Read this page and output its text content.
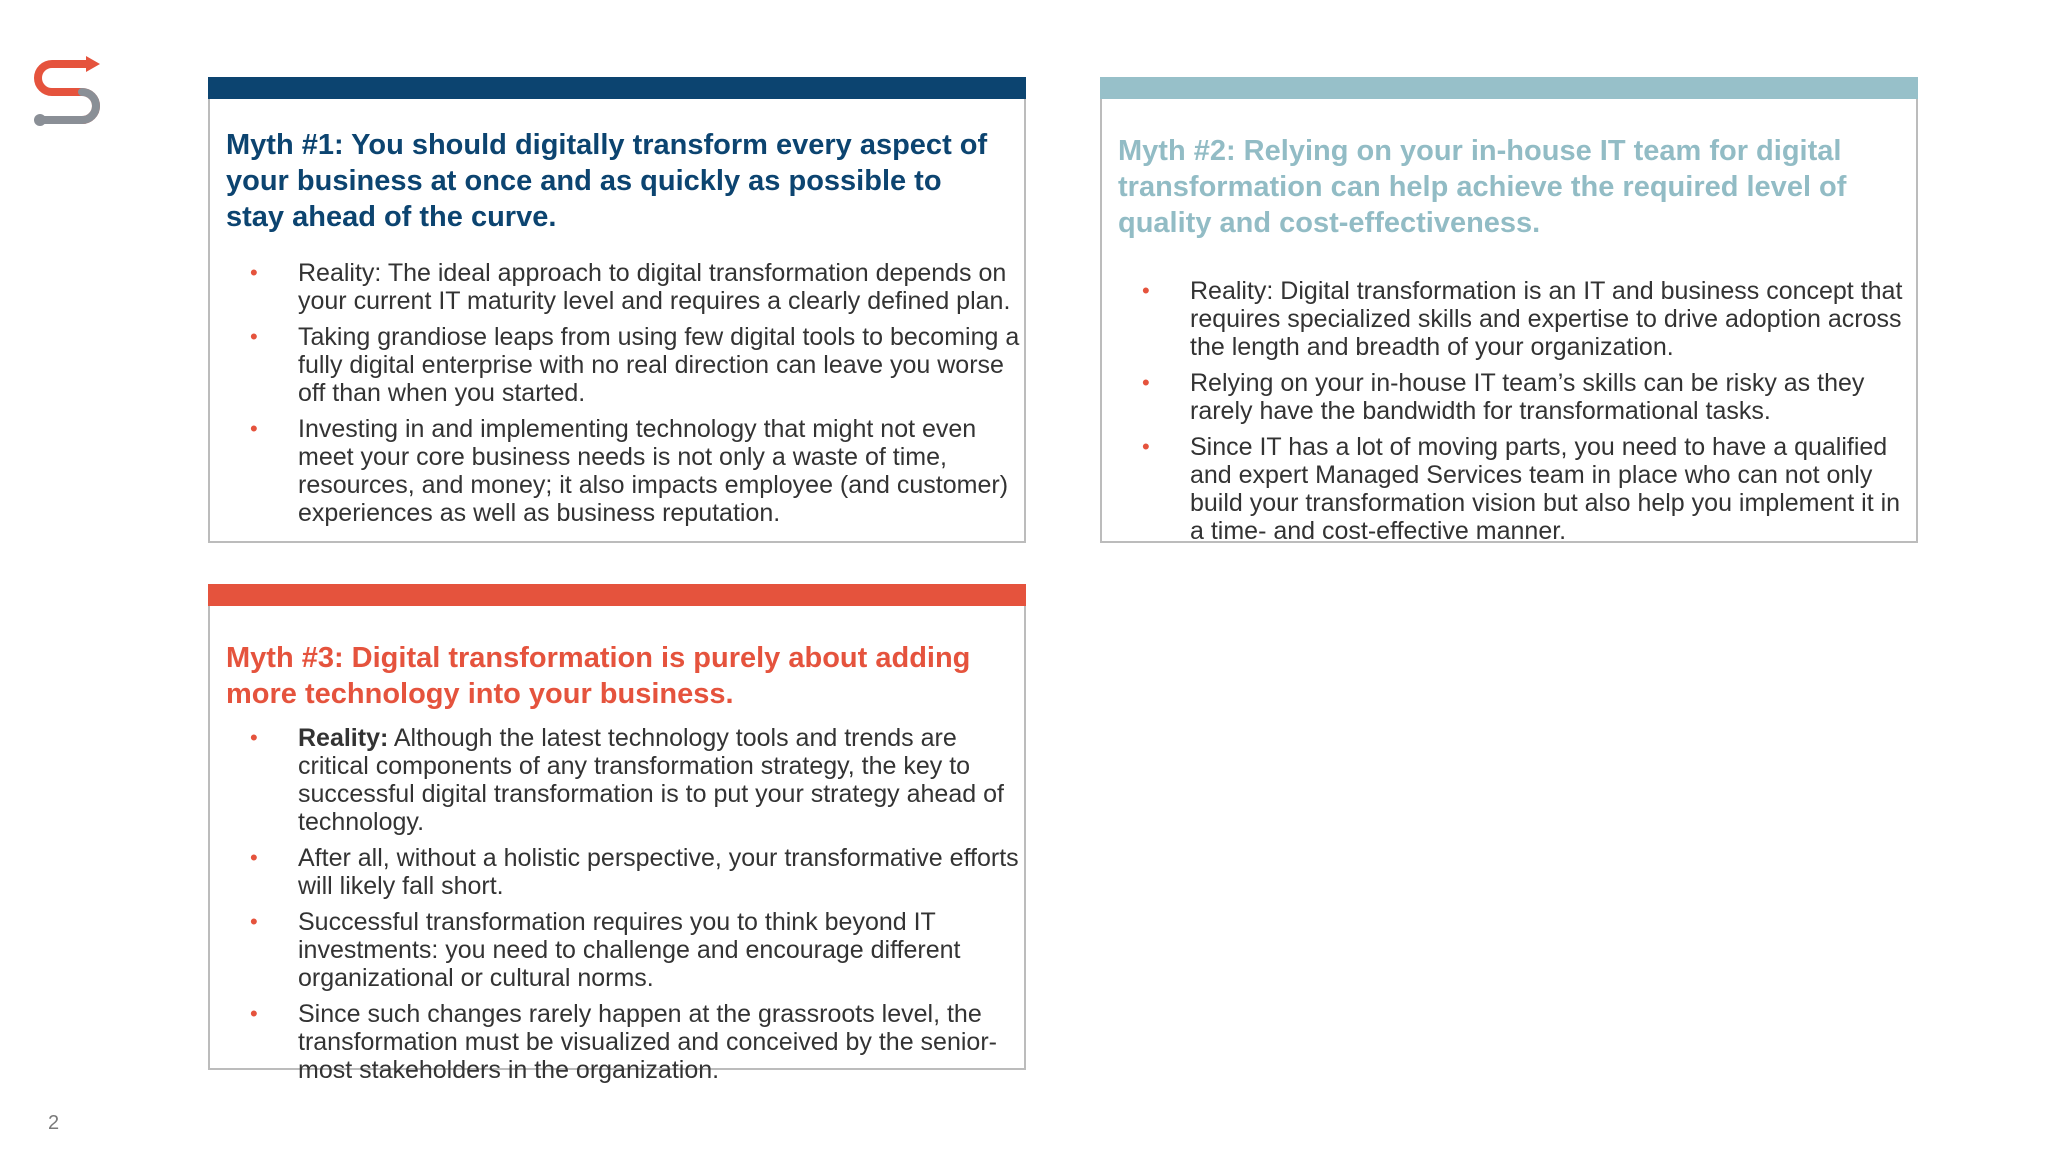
Myth #1: You should digitally transform every aspect of your business at once and as quickly as possible to stay ahead of the curve.
• Reality: The ideal approach to digital transformation depends on your current IT maturity level and requires a clearly defined plan.
• Taking grandiose leaps from using few digital tools to becoming a fully digital enterprise with no real direction can leave you worse off than when you started.
• Investing in and implementing technology that might not even meet your core business needs is not only a waste of time, resources, and money; it also impacts employee (and customer) experiences as well as business reputation.
Myth #2: Relying on your in-house IT team for digital transformation can help achieve the required level of quality and cost-effectiveness.
• Reality: Digital transformation is an IT and business concept that requires specialized skills and expertise to drive adoption across the length and breadth of your organization.
• Relying on your in-house IT team’s skills can be risky as they rarely have the bandwidth for transformational tasks.
• Since IT has a lot of moving parts, you need to have a qualified and expert Managed Services team in place who can not only build your transformation vision but also help you implement it in a time- and cost-effective manner.
Myth #3: Digital transformation is purely about adding more technology into your business.
• Reality: Although the latest technology tools and trends are critical components of any transformation strategy, the key to successful digital transformation is to put your strategy ahead of technology.
• After all, without a holistic perspective, your transformative efforts will likely fall short.
• Successful transformation requires you to think beyond IT investments: you need to challenge and encourage different organizational or cultural norms.
• Since such changes rarely happen at the grassroots level, the transformation must be visualized and conceived by the senior-most stakeholders in the organization.
2
